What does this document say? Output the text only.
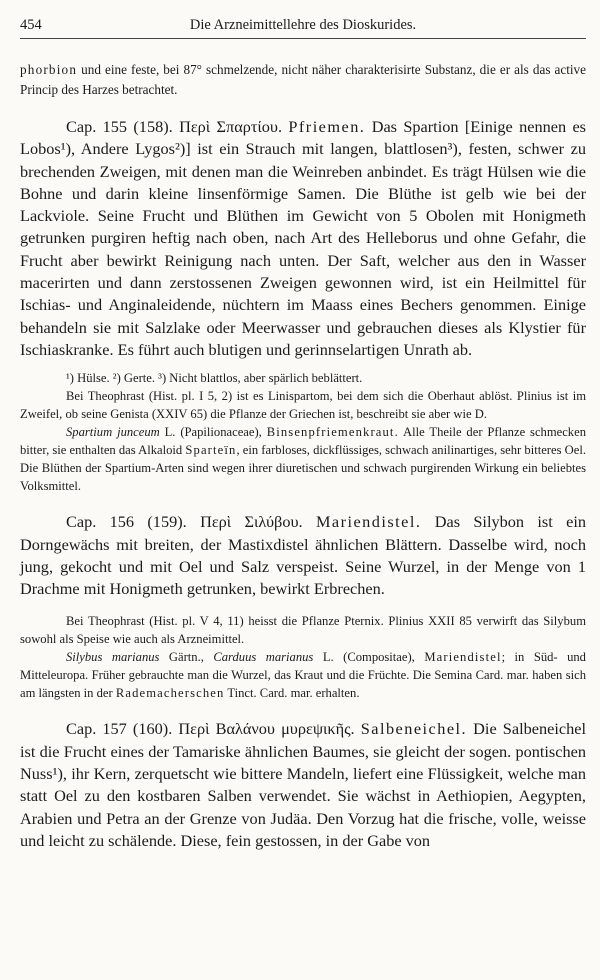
454	Die Arzneimittellehre des Dioskurides.

phorbion und eine feste, bei 87° schmelzende, nicht näher charakterisirte Substanz, die er als das active Princip des Harzes betrachtet.

Cap. 155 (158). Περὶ Σπαρτίου. Pfriemen. Das Spartion [Einige nennen es Lobos¹), Andere Lygos²)] ist ein Strauch mit langen, blattlosen³), festen, schwer zu brechenden Zweigen, mit denen man die Weinreben anbindet. Es trägt Hülsen wie die Bohne und darin kleine linsenförmige Samen. Die Blüthe ist gelb wie bei der Lackviole. Seine Frucht und Blüthen im Gewicht von 5 Obolen mit Honigmeth getrunken purgiren heftig nach oben, nach Art des Helleborus und ohne Gefahr, die Frucht aber bewirkt Reinigung nach unten. Der Saft, welcher aus den in Wasser macerirten und dann zerstossenen Zweigen gewonnen wird, ist ein Heilmittel für Ischias- und Anginaleidende, nüchtern im Maass eines Bechers genommen. Einige behandeln sie mit Salzlake oder Meerwasser und gebrauchen dieses als Klystier für Ischiaskranke. Es führt auch blutigen und gerinnselartigen Unrath ab.

¹) Hülse. ²) Gerte. ³) Nicht blattlos, aber spärlich beblättert.

Bei Theophrast (Hist. pl. I 5, 2) ist es Linispartom, bei dem sich die Oberhaut ablöst. Plinius ist im Zweifel, ob seine Genista (XXIV 65) die Pflanze der Griechen ist, beschreibt sie aber wie D.

Spartium junceum L. (Papilionaceae), Binsenpfriemenkraut. Alle Theile der Pflanze schmecken bitter, sie enthalten das Alkaloid Sparteïn, ein farbloses, dickflüssiges, schwach anilinartiges, sehr bitteres Oel. Die Blüthen der Spartium-Arten sind wegen ihrer diuretischen und schwach purgirenden Wirkung ein beliebtes Volksmittel.

Cap. 156 (159). Περὶ Σιλύβου. Mariendistel. Das Silybon ist ein Dorngewächs mit breiten, der Mastixdistel ähnlichen Blättern. Dasselbe wird, noch jung, gekocht und mit Oel und Salz verspeist. Seine Wurzel, in der Menge von 1 Drachme mit Honigmeth getrunken, bewirkt Erbrechen.

Bei Theophrast (Hist. pl. V 4, 11) heisst die Pflanze Pternix. Plinius XXII 85 verwirft das Silybum sowohl als Speise wie auch als Arzneimittel.

Silybus marianus Gärtn., Carduus marianus L. (Compositae), Mariendistel; in Süd- und Mitteleuropa. Früher gebrauchte man die Wurzel, das Kraut und die Früchte. Die Semina Card. mar. haben sich am längsten in der Rademacherschen Tinct. Card. mar. erhalten.

Cap. 157 (160). Περὶ Βαλάνου μυρεψικῆς. Salbeneichel. Die Salbeneichel ist die Frucht eines der Tamariske ähnlichen Baumes, sie gleicht der sogen. pontischen Nuss¹), ihr Kern, zerquetscht wie bittere Mandeln, liefert eine Flüssigkeit, welche man statt Oel zu den kostbaren Salben verwendet. Sie wächst in Aethiopien, Aegypten, Arabien und Petra an der Grenze von Judäa. Den Vorzug hat die frische, volle, weisse und leicht zu schälende. Diese, fein gestossen, in der Gabe von
